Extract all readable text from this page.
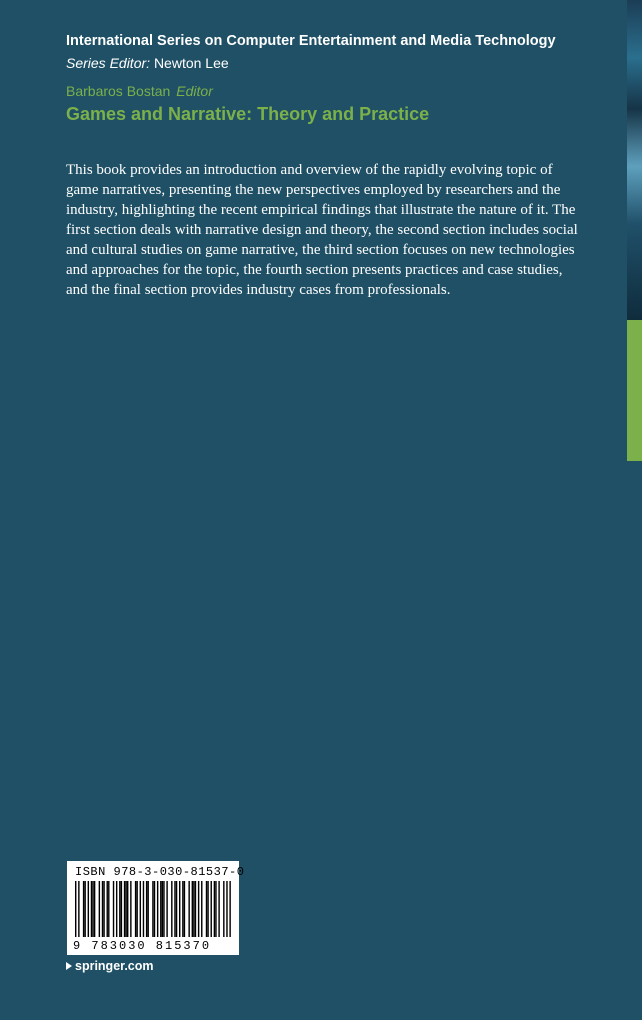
International Series on Computer Entertainment and Media Technology
Series Editor: Newton Lee
Barbaros Bostan Editor
Games and Narrative: Theory and Practice

This book provides an introduction and overview of the rapidly evolving topic of game narratives, presenting the new perspectives employed by researchers and the industry, highlighting the recent empirical findings that illustrate the nature of it. The first section deals with narrative design and theory, the second section includes social and cultural studies on game narrative, the third section focuses on new technologies and approaches for the topic, the fourth section presents practices and case studies, and the final section provides industry cases from professionals.

ISBN 978-3-030-81537-0
9 783030 815370
springer.com
